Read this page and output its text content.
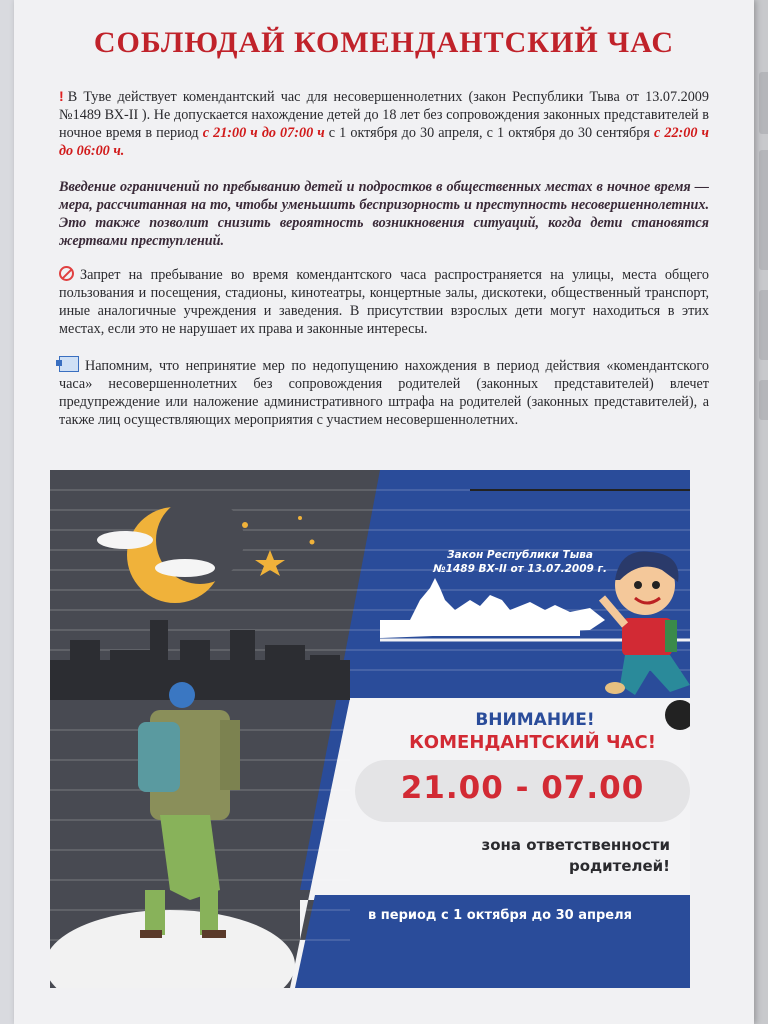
СОБЛЮДАЙ КОМЕНДАНТСКИЙ ЧАС
! В Туве действует комендантский час для несовершеннолетних (закон Республики Тыва от 13.07.2009 №1489 ВХ-II ). Не допускается нахождение детей до 18 лет без сопровождения законных представителей в ночное время в период с 21:00 ч до 07:00 ч с 1 октября до 30 апреля, с 1 октября до 30 сентября с 22:00 ч до 06:00 ч.
Введение ограничений по пребыванию детей и подростков в общественных местах в ночное время — мера, рассчитанная на то, чтобы уменьшить беспризорность и преступность несовершеннолетних. Это также позволит снизить вероятность возникновения ситуаций, когда дети становятся жертвами преступлений.
Запрет на пребывание во время комендантского часа распространяется на улицы, места общего пользования и посещения, стадионы, кинотеатры, концертные залы, дискотеки, общественный транспорт, иные аналогичные учреждения и заведения. В присутствии взрослых дети могут находиться в этих местах, если это не нарушает их права и законные интересы.
Напомним, что непринятие мер по недопущению нахождения в период действия «комендантского часа» несовершеннолетних без сопровождения родителей (законных представителей) влечет предупреждение или наложение административного штрафа на родителей (законных представителей), а также лиц осуществляющих мероприятия с участием несовершеннолетних.
Закон Республики Тыва
№1489 ВХ-II от 13.07.2009 г.
ВНИМАНИЕ!
КОМЕНДАНТСКИЙ ЧАС!
21.00 - 07.00
зона ответственности
родителей!
в период с 1 октября до 30 апреля
